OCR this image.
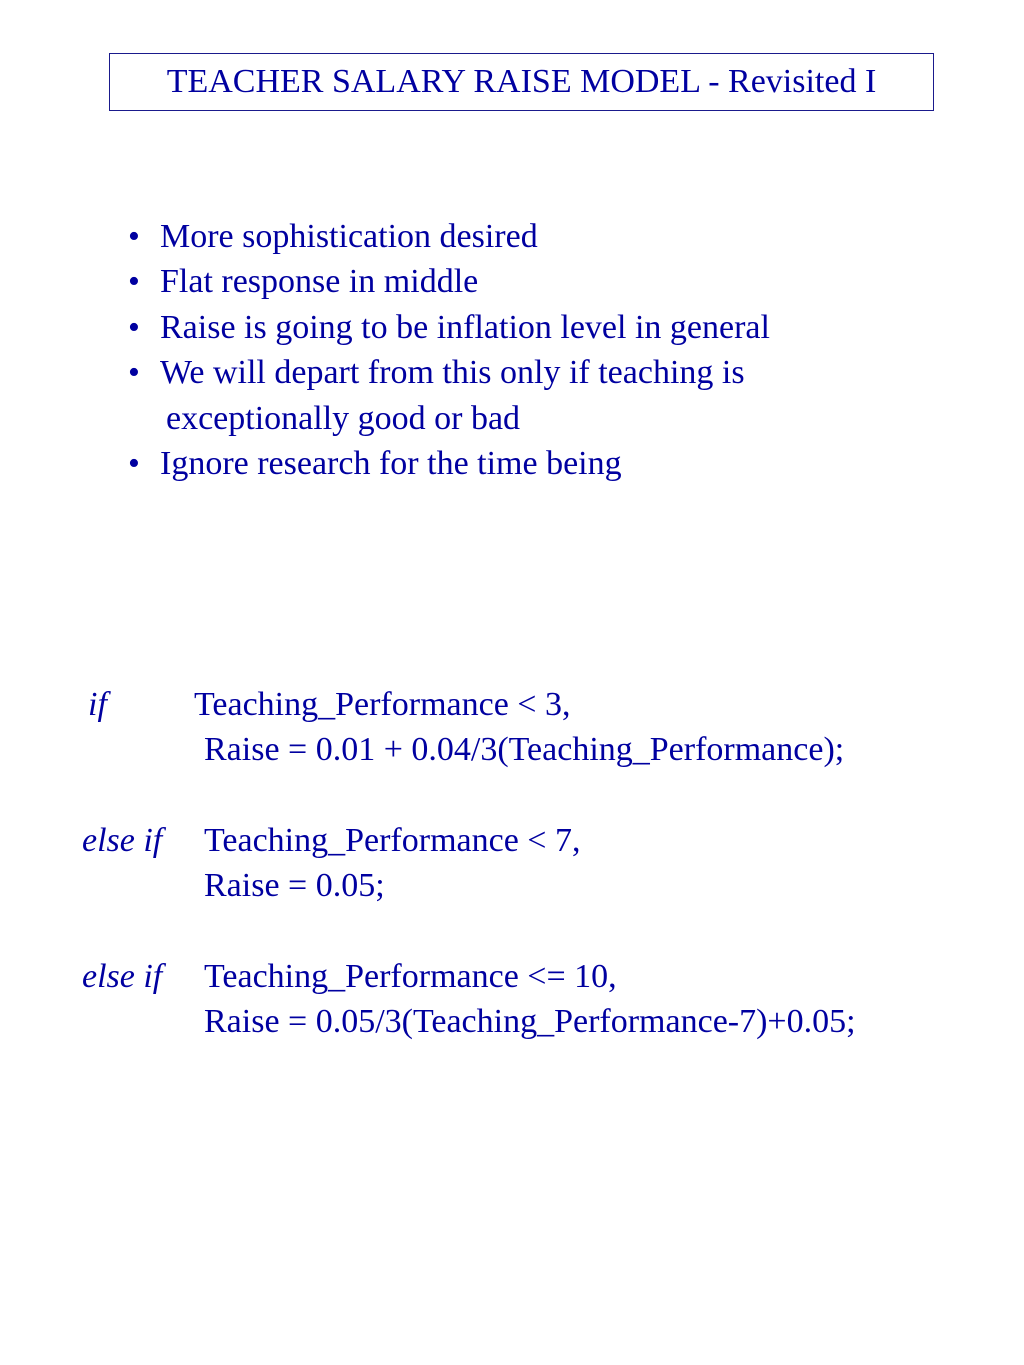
TEACHER SALARY RAISE MODEL - Revisited I
• More sophistication desired
• Flat response in middle
• Raise is going to be inflation level in general
• We will depart from this only if teaching is
exceptionally good or bad
• Ignore research for the time being
if	Teaching_Performance < 3,
Raise = 0.01 + 0.04/3(Teaching_Performance);
else if Teaching_Performance < 7,
Raise = 0.05;
else if Teaching_Performance <= 10,
Raise = 0.05/3(Teaching_Performance-7)+0.05;
